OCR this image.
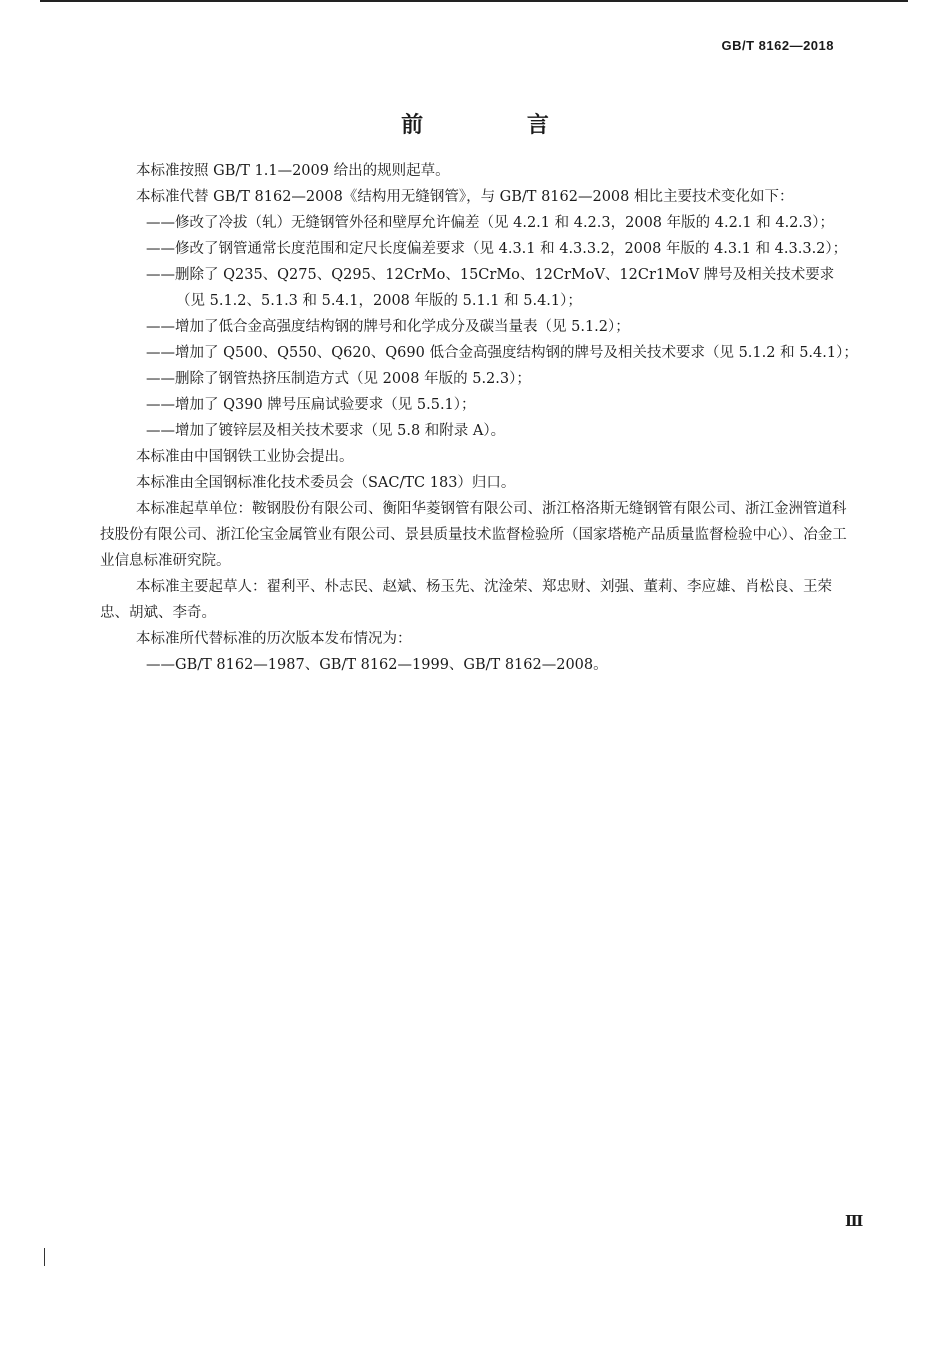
GB/T 8162—2018
前 言

本标准按照 GB/T 1.1—2009 给出的规则起草。

本标准代替 GB/T 8162—2008《结构用无缝钢管》，与 GB/T 8162—2008 相比主要技术变化如下：

——修改了冷拔（轧）无缝钢管外径和壁厚允许偏差（见 4.2.1 和 4.2.3，2008 年版的 4.2.1 和 4.2.3）；

——修改了钢管通常长度范围和定尺长度偏差要求（见 4.3.1 和 4.3.3.2，2008 年版的 4.3.1 和 4.3.3.2）；

——删除了 Q235、Q275、Q295、12CrMo、15CrMo、12CrMoV、12Cr1MoV 牌号及相关技术要求（见 5.1.2、5.1.3 和 5.4.1，2008 年版的 5.1.1 和 5.4.1）；

——增加了低合金高强度结构钢的牌号和化学成分及碳当量表（见 5.1.2）；

——增加了 Q500、Q550、Q620、Q690 低合金高强度结构钢的牌号及相关技术要求（见 5.1.2 和 5.4.1）；

——删除了钢管热挤压制造方式（见 2008 年版的 5.2.3）；

——增加了 Q390 牌号压扁试验要求（见 5.5.1）；

——增加了镀锌层及相关技术要求（见 5.8 和附录 A）。

本标准由中国钢铁工业协会提出。

本标准由全国钢标准化技术委员会（SAC/TC 183）归口。

本标准起草单位：鞍钢股份有限公司、衡阳华菱钢管有限公司、浙江格洛斯无缝钢管有限公司、浙江金洲管道科技股份有限公司、浙江伦宝金属管业有限公司、景县质量技术监督检验所（国家塔桅产品质量监督检验中心）、冶金工业信息标准研究院。

本标准主要起草人：翟利平、朴志民、赵斌、杨玉先、沈淦荣、郑忠财、刘强、董莉、李应雄、肖松良、王荣忠、胡斌、李奇。

本标准所代替标准的历次版本发布情况为：

——GB/T 8162—1987、GB/T 8162—1999、GB/T 8162—2008。

Ⅲ
